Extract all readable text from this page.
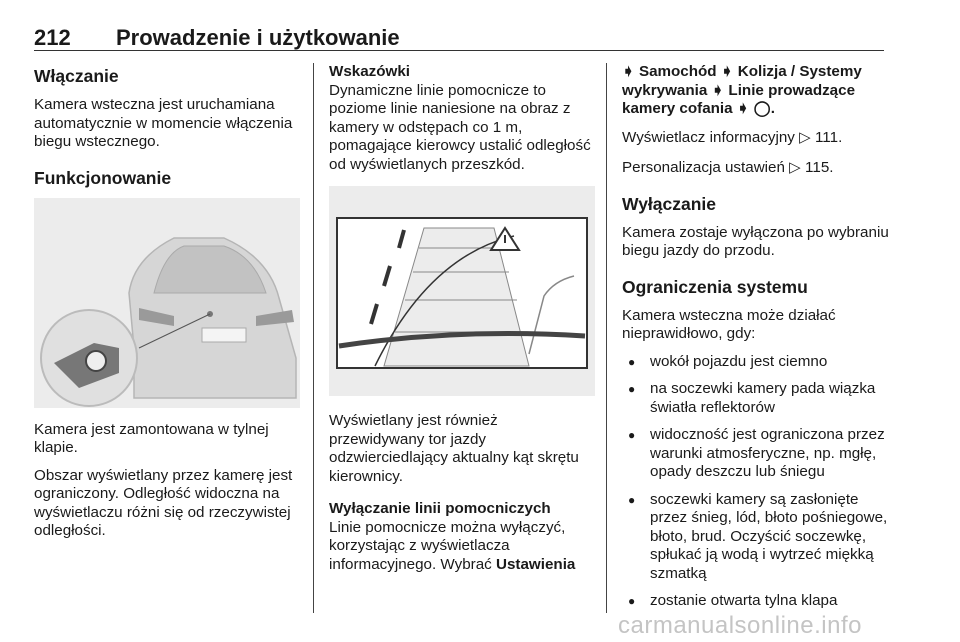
212 Prowadzenie i użytkowanie
Włączanie

Kamera wsteczna jest uruchamiana automatycznie w momencie włączenia biegu wstecznego.

Funkcjonowanie

Kamera jest zamontowana w tylnej klapie.

Obszar wyświetlany przez kamerę jest ograniczony. Odległość widoczna na wyświetlaczu różni się od rzeczywistej odległości.

Wskazówki

Dynamiczne linie pomocnicze to poziome linie naniesione na obraz z kamery w odstępach co 1 m, pomagające kierowcy ustalić odległość od wyświetlanych przeszkód.

Wyświetlany jest również przewidywany tor jazdy odzwierciedlający aktualny kąt skrętu kierownicy.

Wyłączanie linii pomocniczych

Linie pomocnicze można wyłączyć, korzystając z wyświetlacza informacyjnego. Wybrać Ustawienia

➧ Samochód ➧ Kolizja / Systemy wykrywania ➧ Linie prowadzące kamery cofania ➧ ◯.

Wyświetlacz informacyjny ▷ 111.

Personalizacja ustawień ▷ 115.

Wyłączanie

Kamera zostaje wyłączona po wybraniu biegu jazdy do przodu.

Ograniczenia systemu

Kamera wsteczna może działać nieprawidłowo, gdy:

● wokół pojazdu jest ciemno
● na soczewki kamery pada wiązka światła reflektorów
● widoczność jest ograniczona przez warunki atmosferyczne, np. mgłę, opady deszczu lub śniegu
● soczewki kamery są zasłonięte przez śnieg, lód, błoto pośniegowe, błoto, brud. Oczyścić soczewkę, spłukać ją wodą i wytrzeć miękką szmatką
● zostanie otwarta tylna klapa
carmanualsonline.info
